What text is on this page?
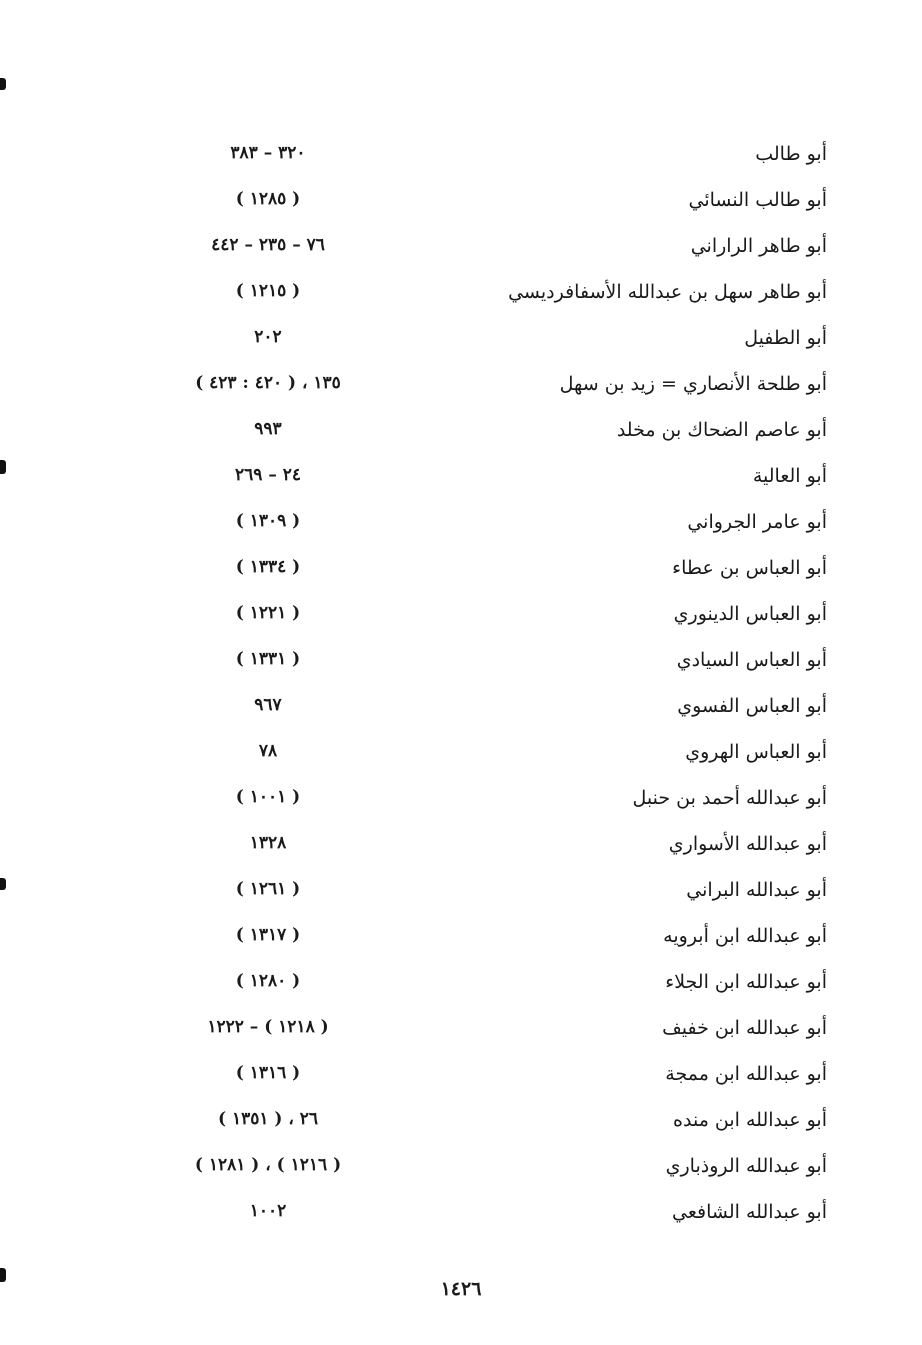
أبو طالب
٣٢٠ – ٣٨٣
أبو طالب النسائي
( ١٢٨٥ )
أبو طاهر الراراني
٧٦ – ٢٣٥ – ٤٤٢
أبو طاهر سهل بن عبدالله الأسفافرديسي
( ١٢١٥ )
أبو الطفيل
٢٠٢
أبو طلحة الأنصاري = زيد بن سهل
١٣٥ ، ( ٤٢٠ : ٤٢٣ )
أبو عاصم الضحاك بن مخلد
٩٩٣
أبو العالية
٢٤ – ٢٦٩
أبو عامر الجرواني
( ١٣٠٩ )
أبو العباس بن عطاء
( ١٣٣٤ )
أبو العباس الدينوري
( ١٢٢١ )
أبو العباس السيادي
( ١٣٣١ )
أبو العباس الفسوي
٩٦٧
أبو العباس الهروي
٧٨
أبو عبدالله أحمد بن حنبل
( ١٠٠١ )
أبو عبدالله الأسواري
١٣٢٨
أبو عبدالله البراني
( ١٢٦١ )
أبو عبدالله ابن أبرويه
( ١٣١٧ )
أبو عبدالله ابن الجلاء
( ١٢٨٠ )
أبو عبدالله ابن خفيف
( ١٢١٨ ) – ١٢٢٢
أبو عبدالله ابن ممجة
( ١٣١٦ )
أبو عبدالله ابن منده
٢٦ ، ( ١٣٥١ )
أبو عبدالله الروذباري
( ١٢١٦ ) ، ( ١٢٨١ )
أبو عبدالله الشافعي
١٠٠٢
١٤٢٦
